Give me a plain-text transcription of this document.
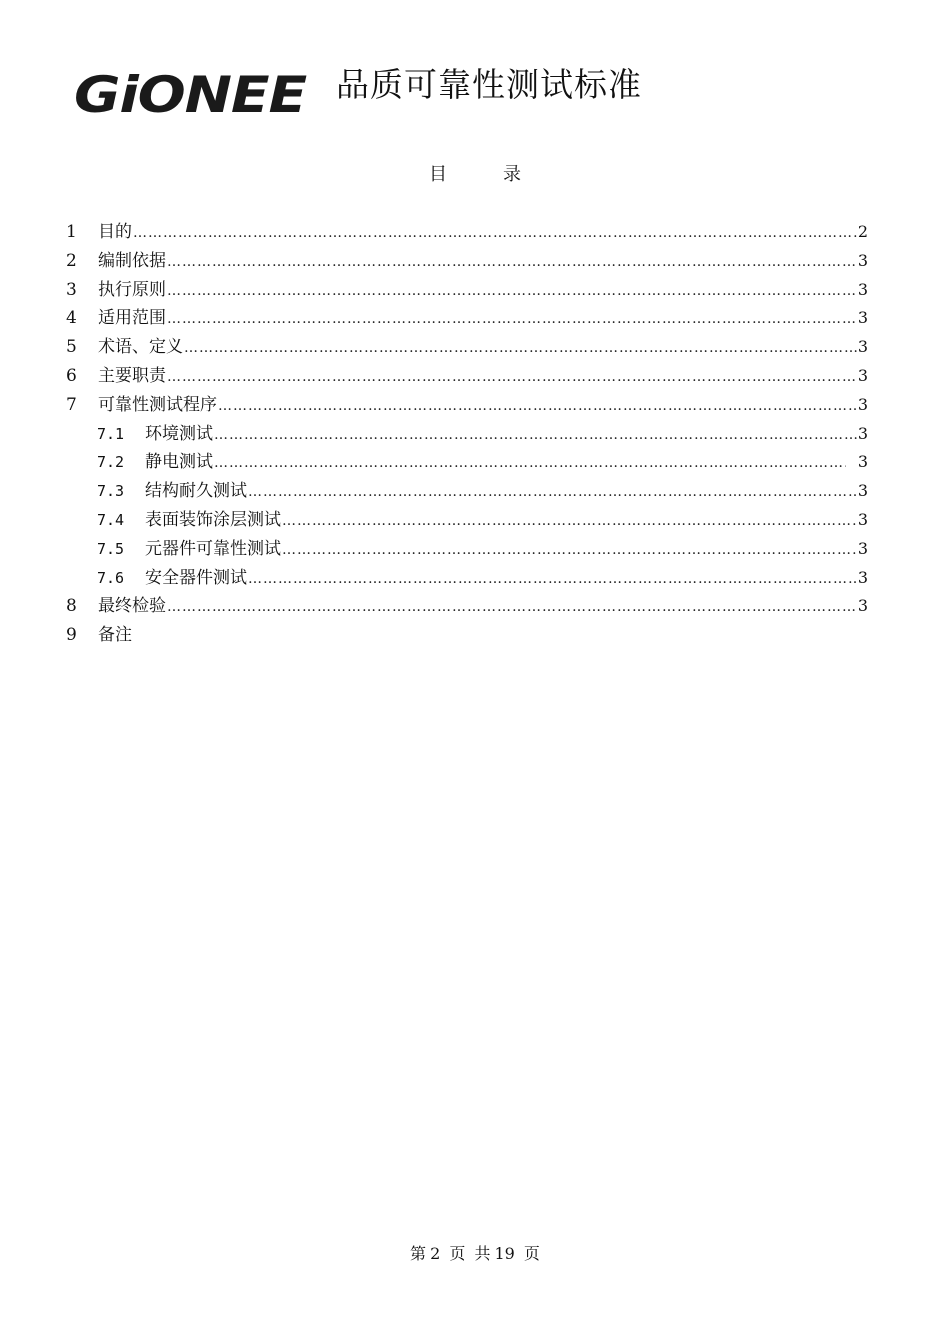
GiONEE 品质可靠性测试标准
目	录
1	目的 ………………………………………………………………………………………………………………………………………………………………………………	2
2	编制依据 ………………………………………………………………………………………………………………………………………………………………………………	3
3	执行原则 ………………………………………………………………………………………………………………………………………………………………………………	3
4	适用范围 ………………………………………………………………………………………………………………………………………………………………………………	3
5	术语、定义 ………………………………………………………………………………………………………………………………………………………………………………	3
6	主要职责 ………………………………………………………………………………………………………………………………………………………………………………	3
7	可靠性测试程序 ………………………………………………………………………………………………………………………………………………………………………………	3
7.1	环境测试 ………………………………………………………………………………………………………………………………………………………………………………	3
7.2	静电测试 ………………………………………………………………………………………………………………………………………………………………………………	3
7.3	结构耐久测试 ………………………………………………………………………………………………………………………………………………………………………………	3
7.4	表面装饰涂层测试 ………………………………………………………………………………………………………………………………………………………………………………	3
7.5	元器件可靠性测试 ………………………………………………………………………………………………………………………………………………………………………………	3
7.6	安全器件测试 ………………………………………………………………………………………………………………………………………………………………………………	3
8	最终检验 ………………………………………………………………………………………………………………………………………………………………………………	3
9	备注
第 2 页 共 19 页
